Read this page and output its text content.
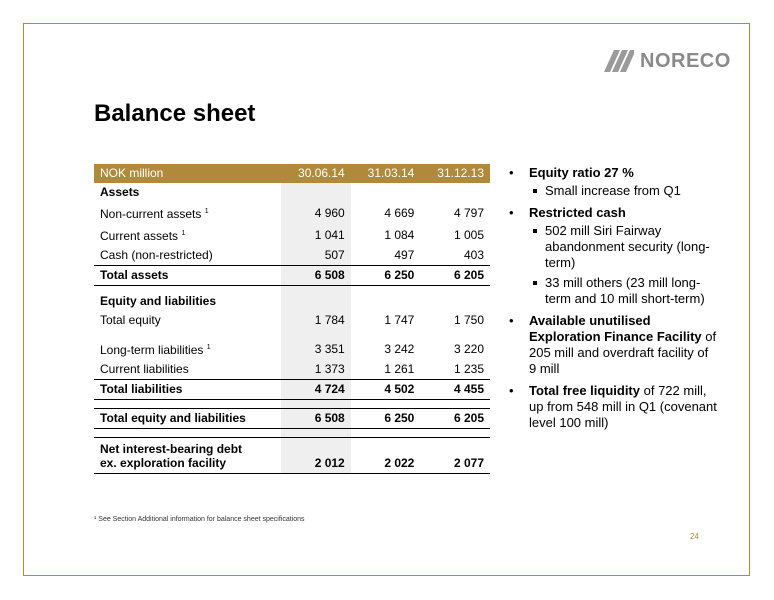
NORECO
Balance sheet
NOK million	30.06.14	31.03.14	31.12.13
Assets			
Non-current assets $^1$	4 960	4 669	4 797
Current assets $^1$	1 041	1 084	1 005
Cash (non-restricted)	507	497	403
Total assets	6 508	6 250	6 205

Equity and liabilities			
Total equity	1 784	1 747	1 750

Long-term liabilities $^1$	3 351	3 242	3 220
Current liabilities	1 373	1 261	1 235
Total liabilities	4 724	4 502	4 455

Total equity and liabilities	6 508	6 250	6 205

Net interest-bearing debt
ex. exploration facility	2 012	2 022	2 077
¹ See Section Additional information for balance sheet specifications
• Equity ratio 27 %
Small increase from Q1
• Restricted cash
502 mill Siri Fairway abandonment security (long-term)
33 mill others (23 mill long-term and 10 mill short-term)
• Available unutilised Exploration Finance Facility of 205 mill and overdraft facility of 9 mill
• Total free liquidity of 722 mill, up from 548 mill in Q1 (covenant level 100 mill)
24
